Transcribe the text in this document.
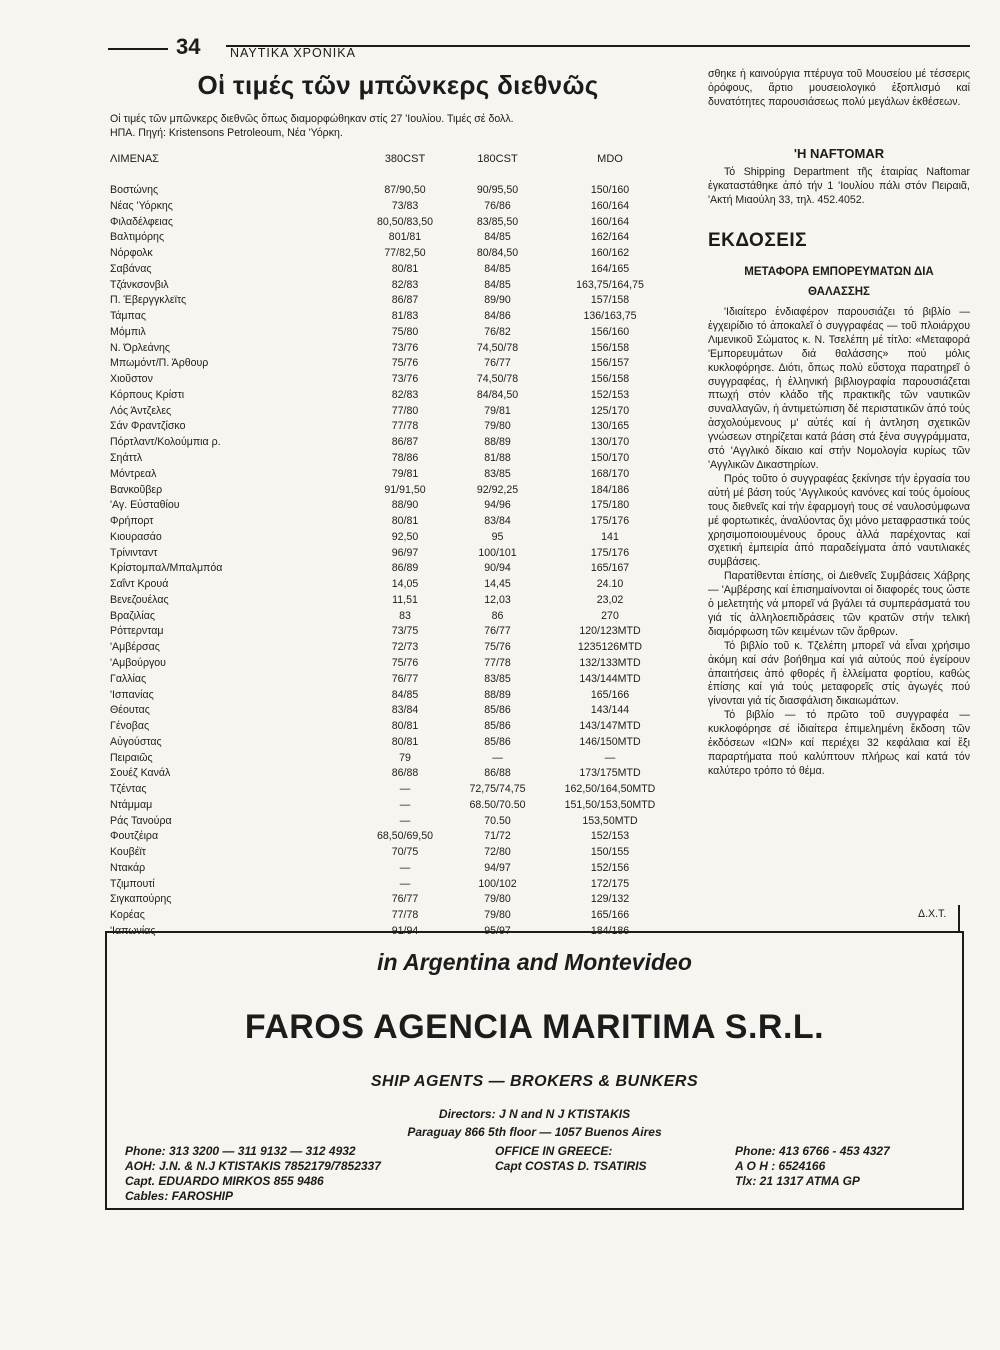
34 ΝΑΥΤΙΚΑ ΧΡΟΝΙΚΑ
Οἱ τιμές τῶν μπῶνκερς διεθνῶς
Οἱ τιμές τῶν μπῶνκερς διεθνῶς ὅπως διαμορφώθηκαν στίς 27 'Ιουλίου. Τιμές σέ δολλ.
ΗΠΑ. Πηγή: Kristensons Petroleoum, Νέα 'Υόρκη.
ΛΙΜΕΝΑΣ	380CST	180CST	MDO
Βοστώνης	87/90,50	90/95,50	150/160
Νέας 'Υόρκης	73/83	76/86	160/164
Φιλαδέλφειας	80,50/83,50	83/85,50	160/164
Βαλτιμόρης	801/81	84/85	162/164
Νόρφολκ	77/82,50	80/84,50	160/162
Σαβάνας	80/81	84/85	164/165
Τζάνκσονβιλ	82/83	84/85	163,75/164,75
Π. Έβεργγκλεϊτς	86/87	89/90	157/158
Τάμπας	81/83	84/86	136/163,75
Μόμπιλ	75/80	76/82	156/160
Ν. Όρλεάνης	73/76	74,50/78	156/158
Μπωμόντ/Π. Άρθουρ	75/76	76/77	156/157
Χιοῦστον	73/76	74,50/78	156/158
Κόρπους Κρίστι	82/83	84/84,50	152/153
Λός Άντζελες	77/80	79/81	125/170
Σάν Φραντζίσκο	77/78	79/80	130/165
Πόρτλαντ/Κολούμπια ρ.	86/87	88/89	130/170
Σηάττλ	78/86	81/88	150/170
Μόντρεαλ	79/81	83/85	168/170
Βανκοῦβερ	91/91,50	92/92,25	184/186
'Αγ. Εὐσταθίου	88/90	94/96	175/180
Φρήπορτ	80/81	83/84	175/176
Κιουρασάο	92,50	95	141
Τρίνινταντ	96/97	100/101	175/176
Κρίστομπαλ/Μπαλμπόα	86/89	90/94	165/167
Σαΐντ Κρουά	14,05	14,45	24.10
Βενεζουέλας	11,51	12,03	23,02
Βραζιλίας	83	86	270
Ρόττερνταμ	73/75	76/77	120/123MTD
'Αμβέρσας	72/73	75/76	1235126MTD
'Αμβούργου	75/76	77/78	132/133MTD
Γαλλίας	76/77	83/85	143/144MTD
'Ισπανίας	84/85	88/89	165/166
Θέουτας	83/84	85/86	143/144
Γένοβας	80/81	85/86	143/147MTD
Αὐγούστας	80/81	85/86	146/150MTD
Πειραιῶς	79	—	—
Σουέζ Κανάλ	86/88	86/88	173/175MTD
Τζέντας	—	72,75/74,75	162,50/164,50MTD
Ντάμμαμ	—	68.50/70.50	151,50/153,50MTD
Ράς Τανούρα	—	70.50	153,50MTD
Φουτζέιρα	68,50/69,50	71/72	152/153
Κουβέϊτ	70/75	72/80	150/155
Ντακάρ	—	94/97	152/156
Τζιμπουτί	—	100/102	172/175
Σιγκαπούρης	76/77	79/80	129/132
Κορέας	77/78	79/80	165/166
'Ιαπωνίας	91/94	95/97	184/186

σθηκε ἡ καινούργια πτέρυγα τοῦ Μουσείου μέ τέσσερις ὀρόφους, ἄρτιο μουσειολογικό ἐξοπλισμό καί δυνατότητες παρουσιάσεως πολύ μεγάλων ἐκθέσεων.

'Η NAFTOMAR

Τό Shipping Department τῆς ἑταιρίας Naftomar ἐγκαταστάθηκε ἀπό τήν 1 'Ιουλίου πάλι στόν Πειραιᾶ, 'Ακτή Μιαούλη 33, τηλ. 452.4052.

ΕΚΔΟΣΕΙΣ
ΜΕΤΑΦΟΡΑ ΕΜΠΟΡΕΥΜΑΤΩΝ ΔΙΑ
ΘΑΛΑΣΣΗΣ

'Ιδιαίτερο ἐνδιαφέρον παρουσιάζει τό βιβλίο — ἐγχειρίδιο τό ἀποκαλεῖ ὁ συγγραφέας — τοῦ πλοιάρχου Λιμενικοῦ Σώματος κ. Ν. Τσελέπη μέ τίτλο: «Μεταφορά 'Εμπορευμάτων διά θαλάσσης» πού μόλις κυκλοφόρησε. Διότι, ὅπως πολύ εὔστοχα παρατηρεῖ ὁ συγγραφέας, ἡ ἑλληνική βιβλιογραφία παρουσιάζεται πτωχή στόν κλάδο τῆς πρακτικῆς τῶν ναυτικῶν συναλλαγῶν, ἡ ἀντιμετώπιση δέ περιστατικῶν ἀπό τούς ἀσχολούμενους μ' αὐτές καί ἡ ἀντληση σχετικῶν γνώσεων στηρίζεται κατά βάση στά ξένα συγγράμματα, στό 'Αγγλικό δίκαιο καί στήν Νομολογία κυρίως τῶν 'Αγγλικῶν Δικαστηρίων.

Πρός τοῦτο ὁ συγγραφέας ξεκίνησε τήν ἐργασία του αὐτή μέ βάση τούς 'Αγγλικούς κανόνες καί τούς ὁμοίους τους διεθνεῖς καί τήν ἐφαρμογή τους σέ ναυλοσύμφωνα μέ φορτωτικές, ἀναλύοντας ὄχι μόνο μεταφραστικά τούς χρησιμοποιουμένους ὅρους ἀλλά παρέχοντας καί σχετική ἐμπειρία ἀπό παραδείγματα ἀπό ναυτιλιακές συμβάσεις.

Παρατίθενται ἐπίσης, οἱ Διεθνεῖς Συμβάσεις Χάβρης — 'Αμβέρσης καί ἐπισημαίνονται οἱ διαφορές τους ὥστε ὁ μελετητής νά μπορεῖ νά βγάλει τά συμπεράσματά του γιά τίς ἀλληλοεπιδράσεις τῶν κρατῶν στήν τελική διαμόρφωση τῶν κειμένων τῶν ἄρθρων.

Τό βιβλίο τοῦ κ. Τζελέπη μπορεῖ νά εἶναι χρήσιμο ἀκόμη καί σάν βοήθημα καί γιά αὐτούς πού ἐγείρουν ἀπαιτήσεις ἀπό φθορές ἤ ἐλλείματα φορτίου, καθώς ἐπίσης καί γιά τούς μεταφορεῖς στίς ἀγωγές πού γίνονται γιά τίς διασφάλιση δικαιωμάτων.

Τό βιβλίο — τό πρῶτο τοῦ συγγραφέα — κυκλοφόρησε σέ ἰδιαίτερα ἐπιμελημένη ἔκδοση τῶν ἐκδόσεων «ΙΩΝ» καί περιέχει 32 κεφάλαια καί ἕξι παραρτήματα πού καλύπτουν πλήρως καί κατά τόν καλύτερο τρόπο τό θέμα.

Δ.Χ.Τ.
in Argentina and Montevideo
FAROS AGENCIA MARITIMA S.R.L.
SHIP AGENTS — BROKERS & BUNKERS
Directors: J N and N J KTISTAKIS
Paraguay 866 5th floor — 1057 Buenos Aires
Phone: 313 3200 — 311 9132 — 312 4932
AOH: J.N. & N.J KTISTAKIS 7852179/7852337
Capt. EDUARDO MIRKOS 855 9486
Cables: FAROSHIP
OFFICE IN GREECE:
Capt COSTAS D. TSATIRIS
Phone: 413 6766 - 453 4327
A O H : 6524166
Tlx: 21 1317 ATMA GP
